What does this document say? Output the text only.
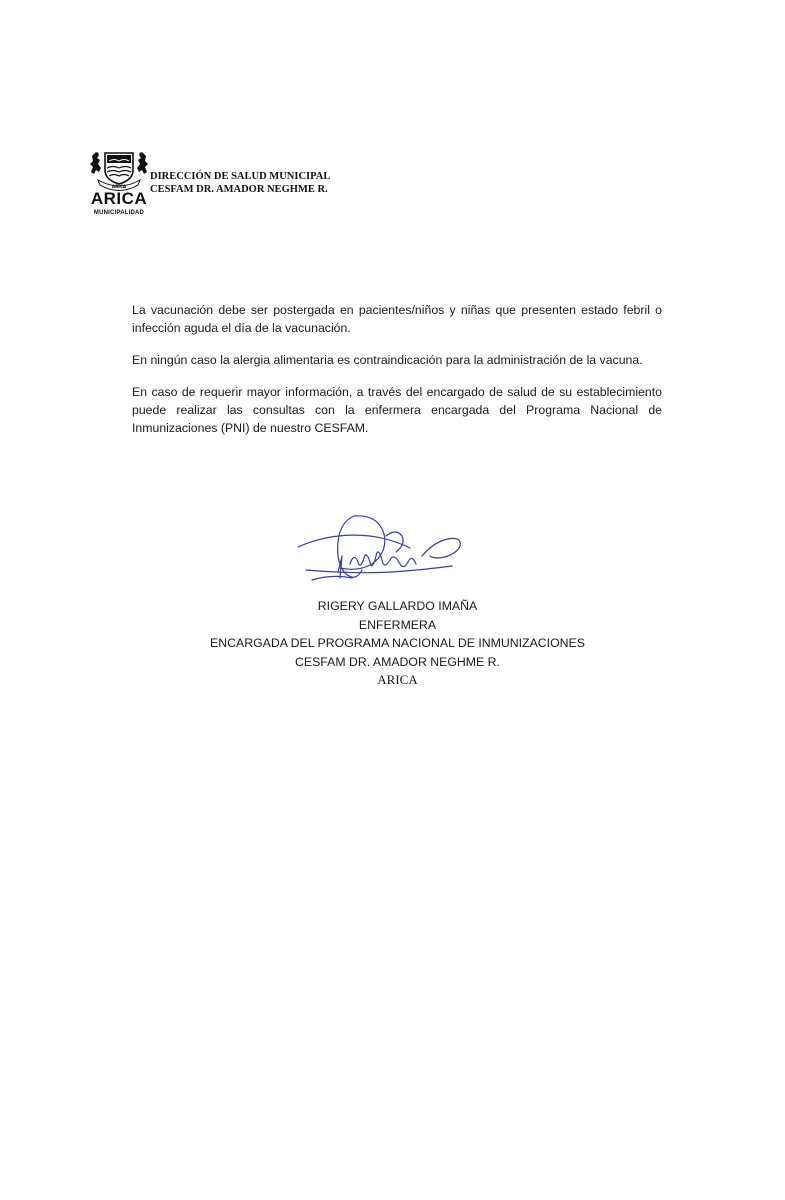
ARICA
ARICA
MUNICIPALIDAD
DIRECCIÓN DE SALUD MUNICIPAL
CESFAM DR. AMADOR NEGHME R.

La vacunación debe ser postergada en pacientes/niños y niñas que presenten estado febril o infección aguda el día de la vacunación.

En ningún caso la alergia alimentaria es contraindicación para la administración de la vacuna.

En caso de requerir mayor información, a través del encargado de salud de su establecimiento puede realizar las consultas con la enfermera encargada del Programa Nacional de Inmunizaciones (PNI) de nuestro CESFAM.

RIGERY GALLARDO IMAÑA
ENFERMERA
ENCARGADA DEL PROGRAMA NACIONAL DE INMUNIZACIONES
CESFAM DR. AMADOR NEGHME R.
ARICA
